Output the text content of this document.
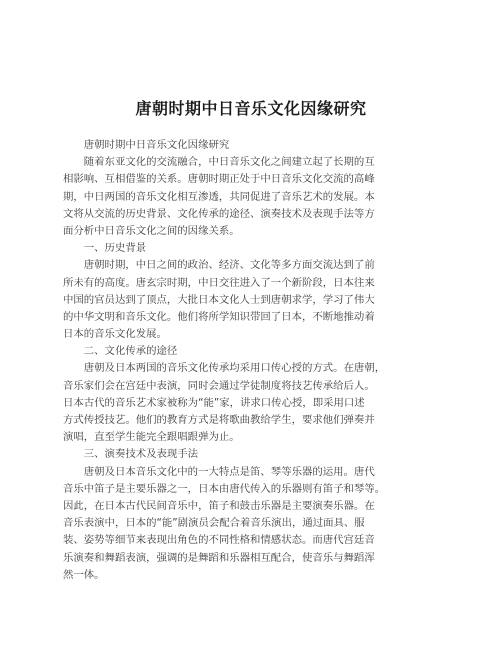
唐朝时期中日音乐文化因缘研究
　　唐朝时期中日音乐文化因缘研究
　　随着东亚文化的交流融合，中日音乐文化之间建立起了长期的互
相影响、互相借鉴的关系。唐朝时期正处于中日音乐文化交流的高峰
期，中日两国的音乐文化相互渗透，共同促进了音乐艺术的发展。本
文将从交流的历史背景、文化传承的途径、演奏技术及表现手法等方
面分析中日音乐文化之间的因缘关系。
　　一、历史背景
　　唐朝时期，中日之间的政治、经济、文化等多方面交流达到了前
所未有的高度。唐玄宗时期，中日交往进入了一个新阶段，日本往来
中国的官员达到了顶点，大批日本文化人士到唐朝求学，学习了伟大
的中华文明和音乐文化。他们将所学知识带回了日本，不断地推动着
日本的音乐文化发展。
　　二、文化传承的途径
　　唐朝及日本两国的音乐文化传承均采用口传心授的方式。在唐朝，
音乐家们会在宫廷中表演，同时会通过学徒制度将技艺传承给后人。
日本古代的音乐艺术家被称为“能”家，讲求口传心授，即采用口述
方式传授技艺。他们的教育方式是将歌曲教给学生，要求他们弹奏并
演唱，直至学生能完全跟唱跟弹为止。
　　三、演奏技术及表现手法
　　唐朝及日本音乐文化中的一大特点是笛、琴等乐器的运用。唐代
音乐中笛子是主要乐器之一，日本由唐代传入的乐器则有笛子和琴等。
因此，在日本古代民间音乐中，笛子和鼓击乐器是主要演奏乐器。在
音乐表演中，日本的“能”剧演员会配合着音乐演出，通过面具、服
装、姿势等细节来表现出角色的不同性格和情感状态。而唐代宫廷音
乐演奏和舞蹈表演，强调的是舞蹈和乐器相互配合，使音乐与舞蹈浑
然一体。
